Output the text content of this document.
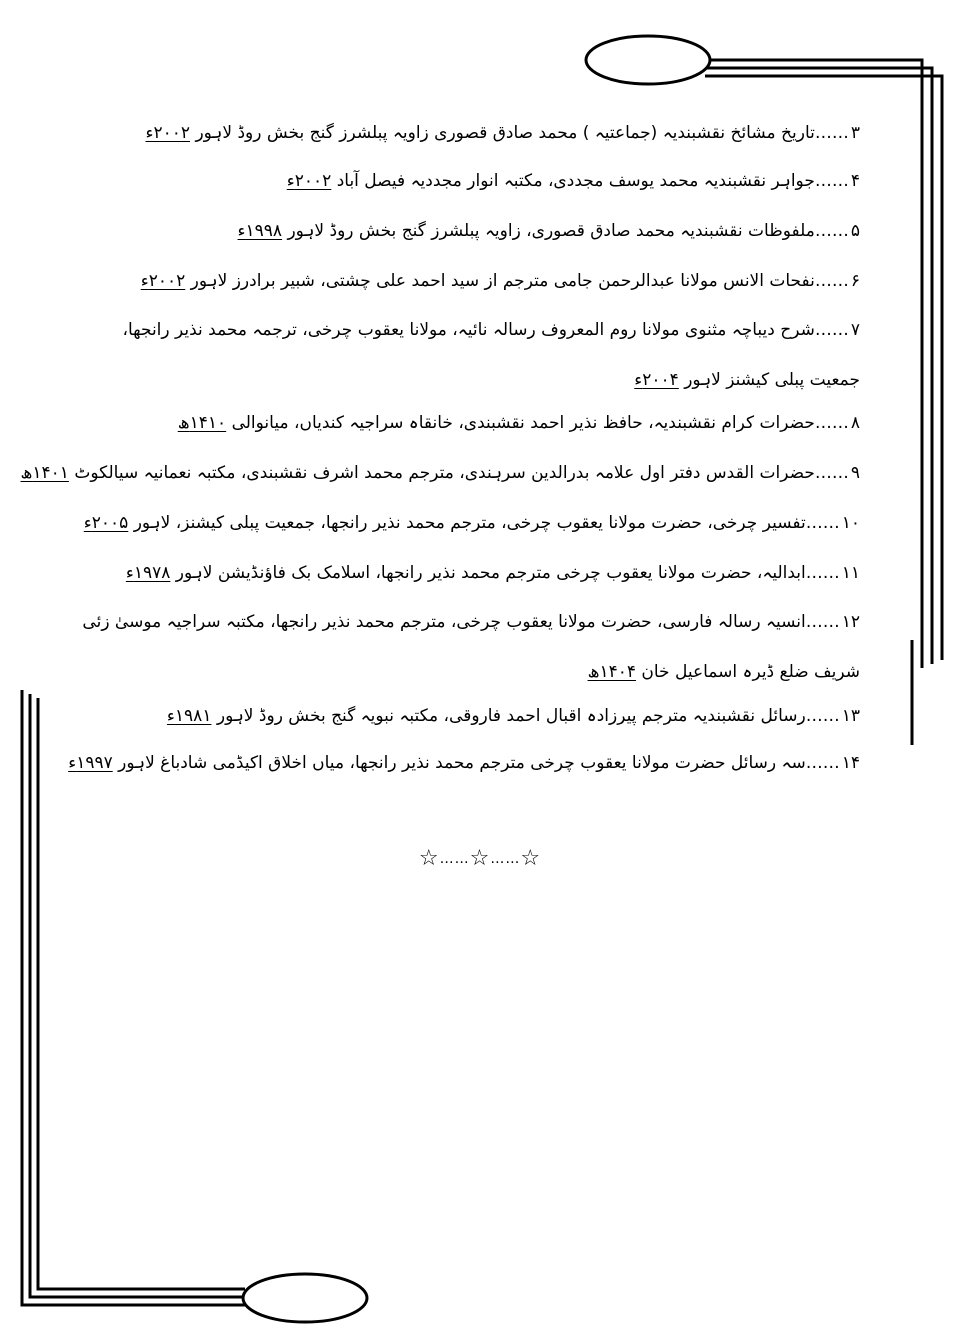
۳……تاریخ مشائخ نقشبندیہ (جماعتیہ ) محمد صادق قصوری زاویہ پبلشرز گنج بخش روڈ لاہور ۲۰۰۲ء
۴……جواہر نقشبندیہ محمد یوسف مجددی، مکتبہ انوار مجددیہ فیصل آباد ۲۰۰۲ء
۵……ملفوظات نقشبندیہ محمد صادق قصوری، زاویہ پبلشرز گنج بخش روڈ لاہور ۱۹۹۸ء
۶……نفحات الانس مولانا عبدالرحمن جامی مترجم از سید احمد علی چشتی، شبیر برادرز لاہور ۲۰۰۲ء
۷……شرح دیباچہ مثنوی مولانا روم المعروف رسالہ نائیہ، مولانا یعقوب چرخی، ترجمہ محمد نذیر رانجھا، جمعیت پبلی کیشنز لاہور ۲۰۰۴ء
۸……حضرات کرام نقشبندیہ، حافظ نذیر احمد نقشبندی، خانقاہ سراجیہ کندیاں، میانوالی ۱۴۱۰ھ
۹……حضرات القدس دفتر اول علامہ بدرالدین سرہندی، مترجم محمد اشرف نقشبندی، مکتبہ نعمانیہ سیالکوٹ ۱۴۰۱ھ
۱۰……تفسیر چرخی، حضرت مولانا یعقوب چرخی، مترجم محمد نذیر رانجھا، جمعیت پبلی کیشنز، لاہور ۲۰۰۵ء
۱۱……ابدالیہ، حضرت مولانا یعقوب چرخی مترجم محمد نذیر رانجھا، اسلامک بک فاؤنڈیشن لاہور ۱۹۷۸ء
۱۲……انسیہ رسالہ فارسی، حضرت مولانا یعقوب چرخی، مترجم محمد نذیر رانجھا، مکتبہ سراجیہ موسیٰ زئی شریف ضلع ڈیرہ اسماعیل خان ۱۴۰۴ھ
۱۳……رسائل نقشبندیہ مترجم پیرزادہ اقبال احمد فاروقی، مکتبہ نبویہ گنج بخش روڈ لاہور ۱۹۸۱ء
۱۴……سہ رسائل حضرت مولانا یعقوب چرخی مترجم محمد نذیر رانجھا، میاں اخلاق اکیڈمی شادباغ لاہور ۱۹۹۷ء
☆……☆……☆
